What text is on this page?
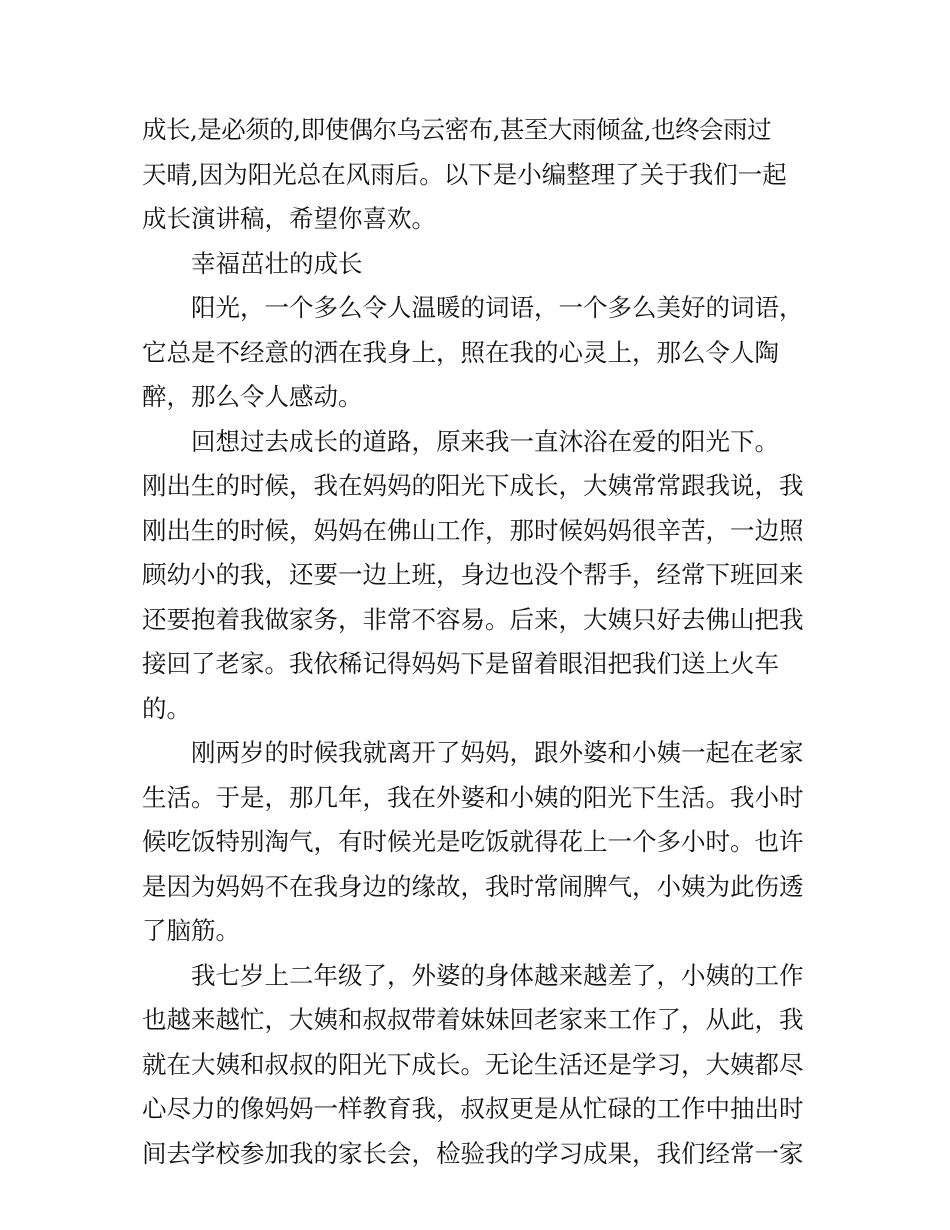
成长,是必须的,即使偶尔乌云密布,甚至大雨倾盆,也终会雨过
天晴,因为阳光总在风雨后。以下是小编整理了关于我们一起
成长演讲稿，希望你喜欢。
幸福茁壮的成长
阳光，一个多么令人温暖的词语，一个多么美好的词语，
它总是不经意的洒在我身上，照在我的心灵上，那么令人陶
醉，那么令人感动。
回想过去成长的道路，原来我一直沐浴在爱的阳光下。
刚出生的时候，我在妈妈的阳光下成长，大姨常常跟我说，我
刚出生的时候，妈妈在佛山工作，那时候妈妈很辛苦，一边照
顾幼小的我，还要一边上班，身边也没个帮手，经常下班回来
还要抱着我做家务，非常不容易。后来，大姨只好去佛山把我
接回了老家。我依稀记得妈妈下是留着眼泪把我们送上火车
的。
刚两岁的时候我就离开了妈妈，跟外婆和小姨一起在老家
生活。于是，那几年，我在外婆和小姨的阳光下生活。我小时
候吃饭特别淘气，有时候光是吃饭就得花上一个多小时。也许
是因为妈妈不在我身边的缘故，我时常闹脾气，小姨为此伤透
了脑筋。
我七岁上二年级了，外婆的身体越来越差了，小姨的工作
也越来越忙，大姨和叔叔带着妹妹回老家来工作了，从此，我
就在大姨和叔叔的阳光下成长。无论生活还是学习，大姨都尽
心尽力的像妈妈一样教育我，叔叔更是从忙碌的工作中抽出时
间去学校参加我的家长会，检验我的学习成果，我们经常一家
